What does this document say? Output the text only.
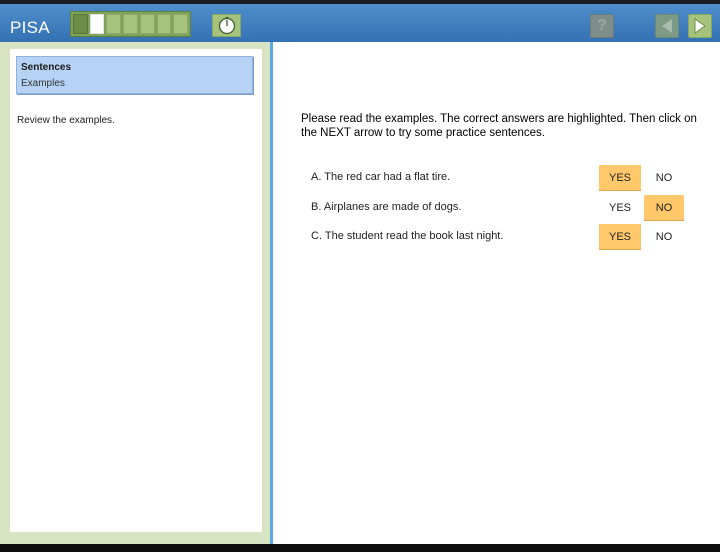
PISA	?
Sentences
Examples
Review the examples.	Please read the examples. The correct answers are highlighted. Then click on the NEXT arrow to try some practice sentences.
A. The red car had a flat tire.	YES	NO
B. Airplanes are made of dogs.	YES	NO
C. The student read the book last night.	YES	NO
